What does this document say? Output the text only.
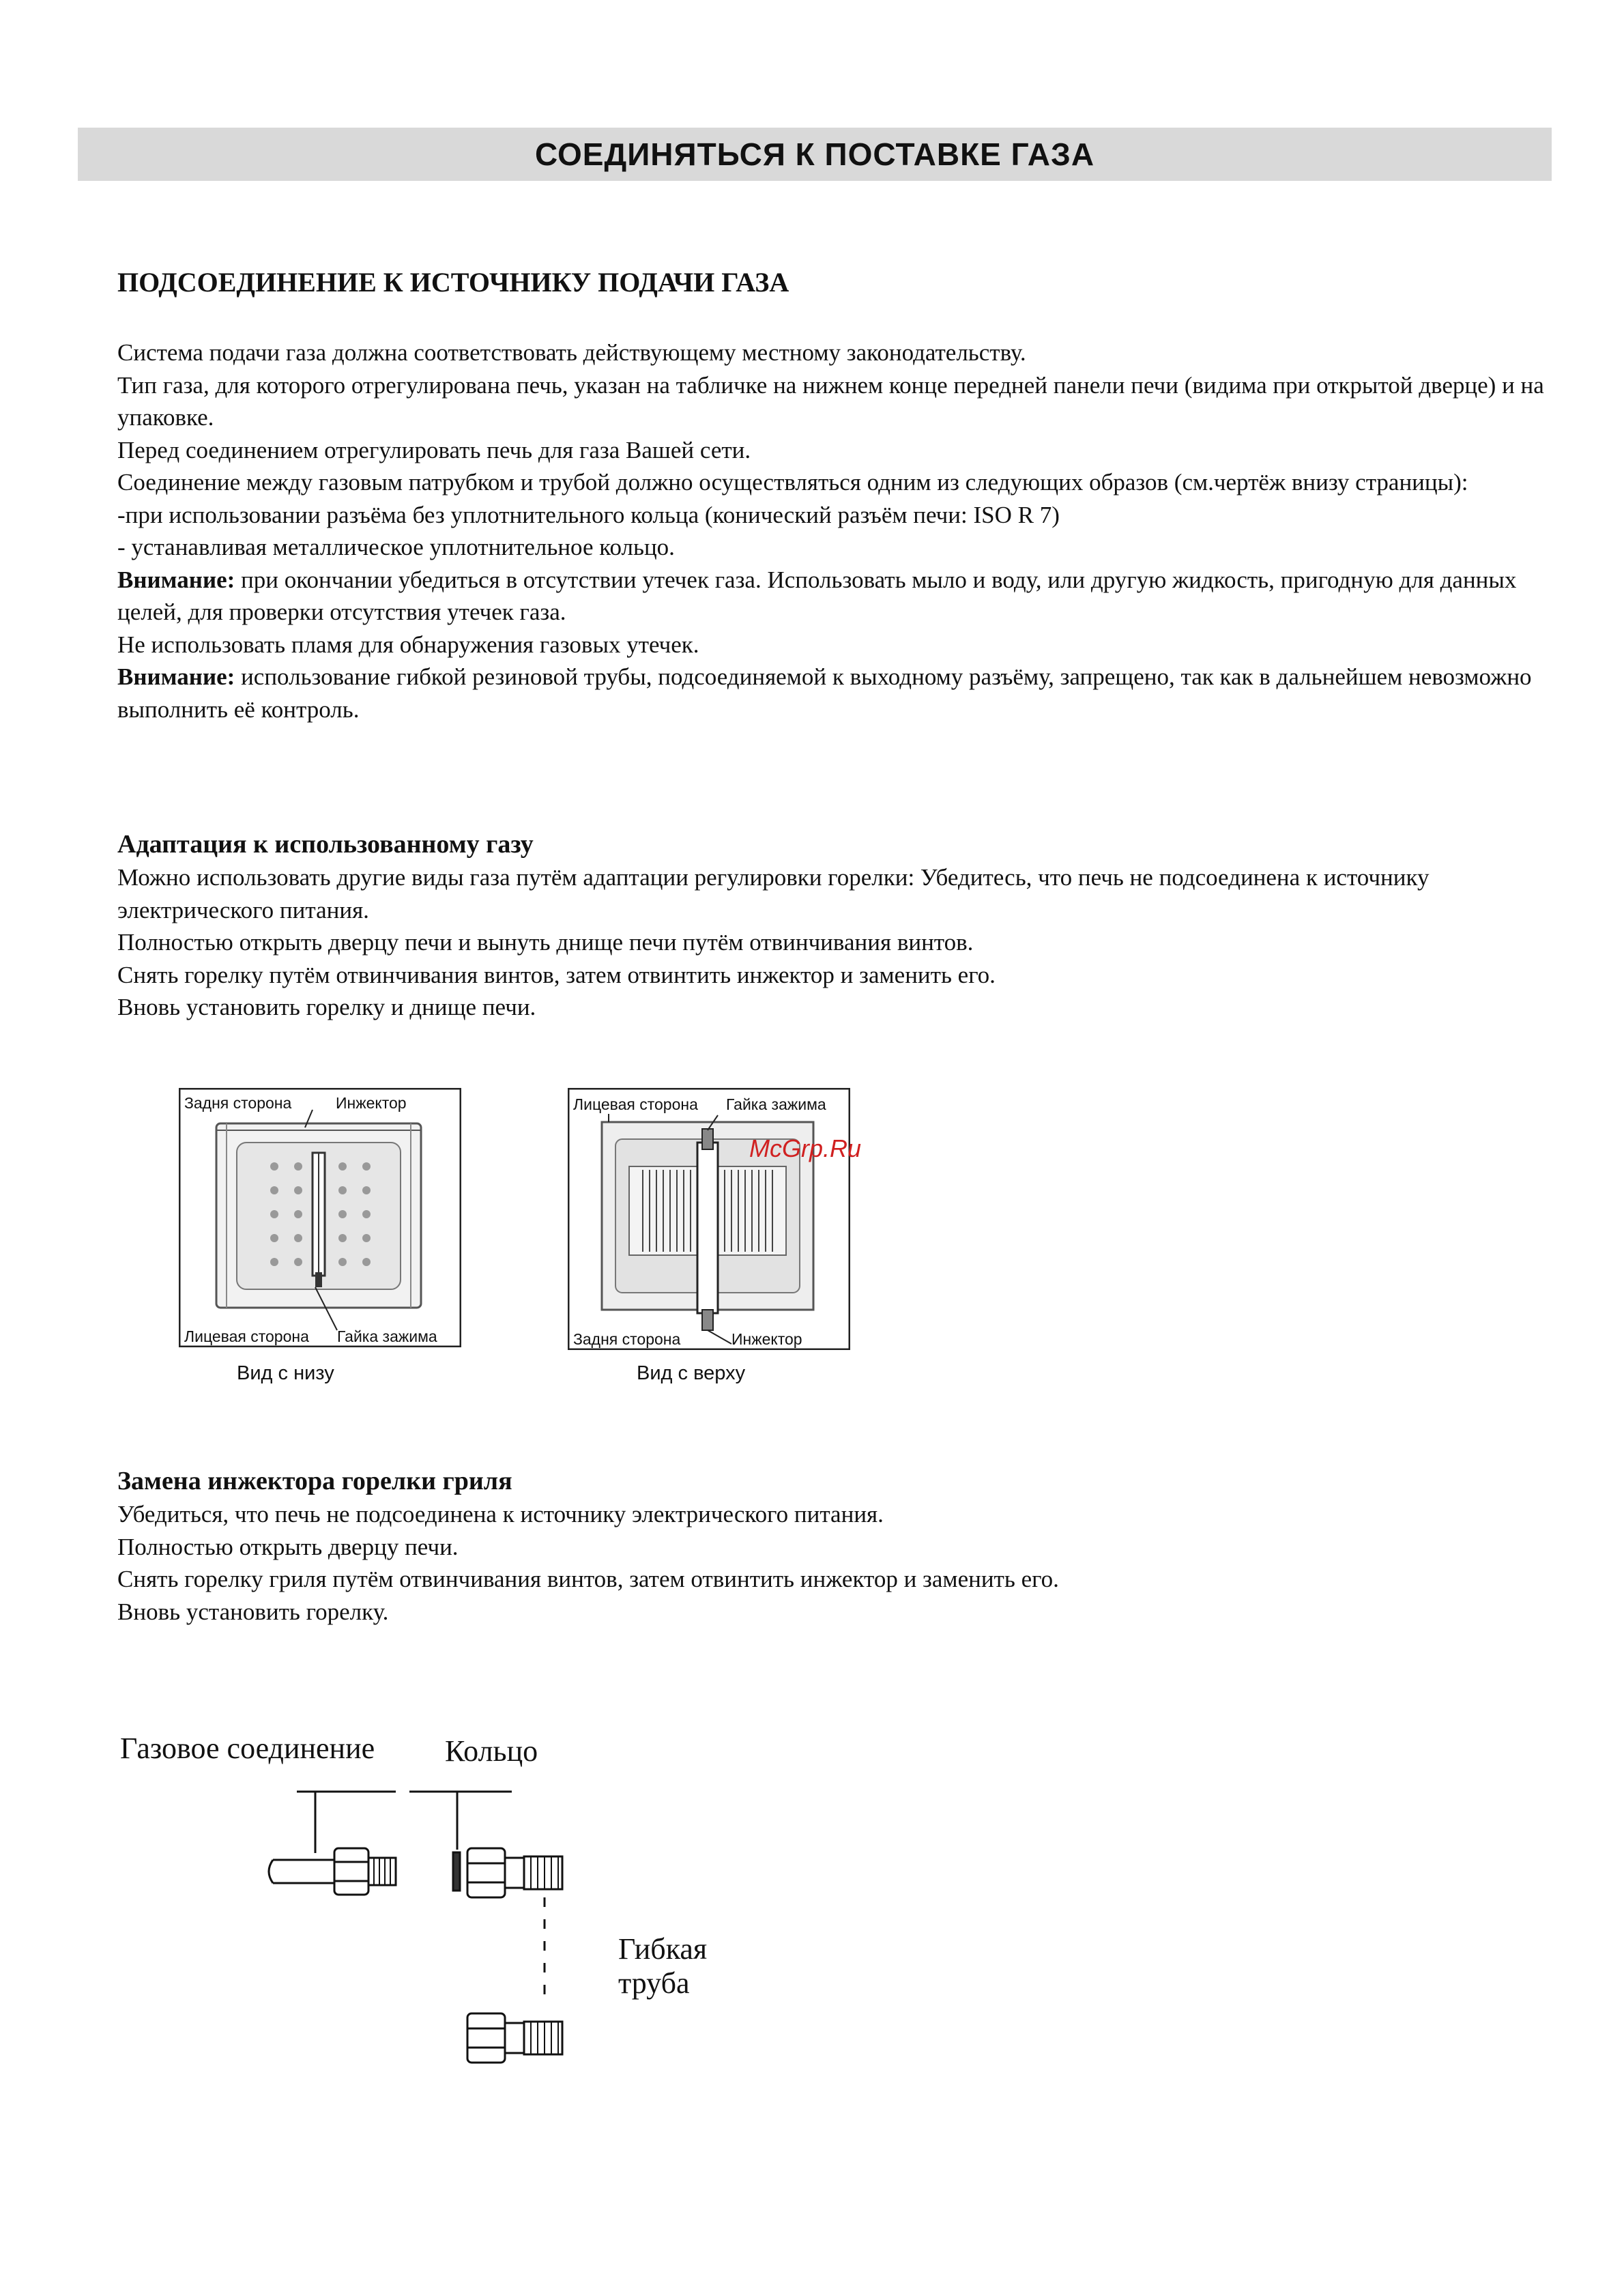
СОЕДИНЯТЬСЯ К ПОСТАВКЕ ГАЗА
ПОДСОЕДИНЕНИЕ К ИСТОЧНИКУ ПОДАЧИ ГАЗА

Система подачи газа должна соответствовать действующему местному законодательству.

Тип газа, для которого отрегулирована печь, указан на табличке на нижнем конце передней панели печи (видима при открытой дверце) и на упаковке.

Перед соединением отрегулировать печь для газа Вашей сети.

Соединение между газовым патрубком и трубой должно осуществляться одним из следующих образов (см.чертёж внизу страницы):

-при использовании разъёма без уплотнительного кольца (конический разъём печи: ISO R 7)

- устанавливая металлическое уплотнительное кольцо.

Внимание: при окончании убедиться в отсутствии утечек газа. Использовать мыло и воду, или другую жидкость, пригодную для данных целей, для проверки отсутствия утечек газа.

Не использовать пламя для обнаружения газовых утечек.

Внимание: использование гибкой резиновой трубы, подсоединяемой к выходному разъёму, запрещено, так как в дальнейшем невозможно выполнить её контроль.

Адаптация к использованному газу

Можно использовать другие виды газа путём адаптации регулировки горелки: Убедитесь, что печь не подсоединена к источнику электрического питания.

Полностью открыть дверцу печи и вынуть днище печи путём отвинчивания винтов.

Снять горелку путём отвинчивания винтов, затем отвинтить инжектор и заменить его.

Вновь установить горелку и днище печи.

Задня сторона	Инжектор
Лицевая сторона Гайка зажима
Вид с низу
Лицевая сторона Гайка зажима
Задня сторона	Инжектор
Вид с верху
McGrp.Ru
Замена инжектора горелки гриля

Убедиться, что печь не подсоединена к источнику электрического питания.

Полностью открыть дверцу печи.

Снять горелку гриля путём отвинчивания винтов, затем отвинтить инжектор и заменить его.

Вновь установить горелку.

Газовое соединение Кольцо
Гибкая
труба
